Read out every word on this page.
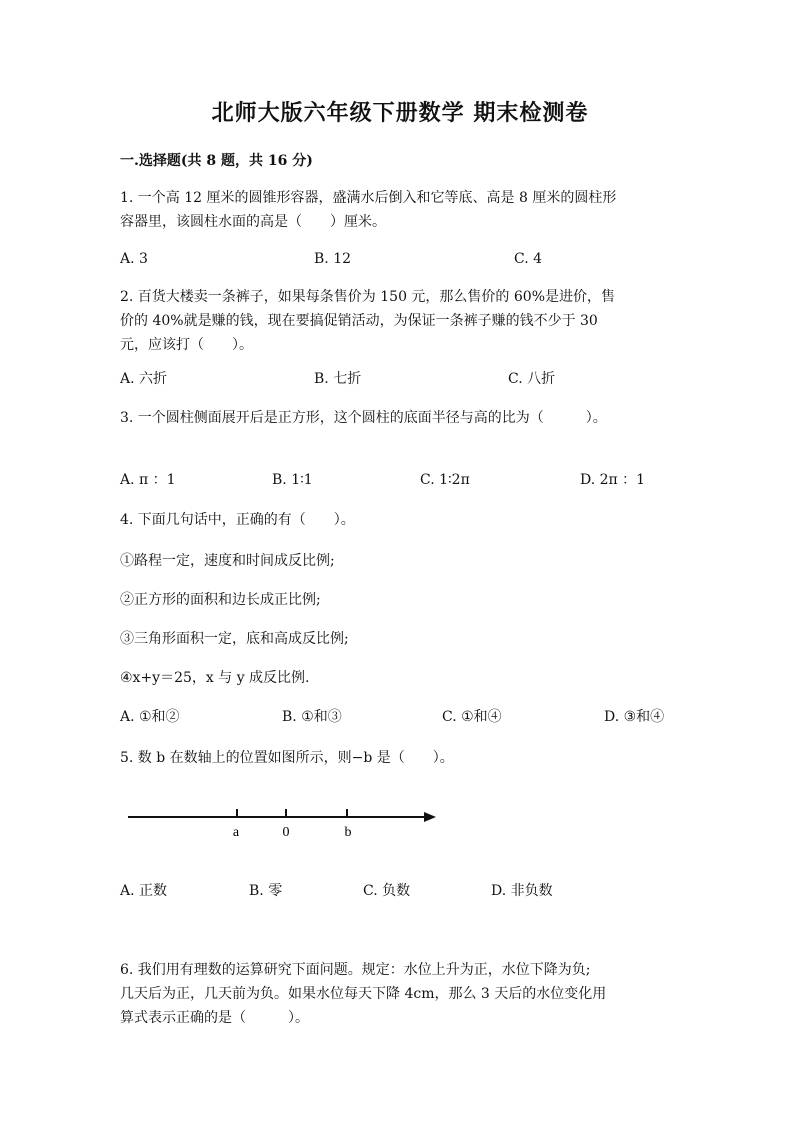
北师大版六年级下册数学 期末检测卷
一.选择题(共 8 题，共 16 分)
1. 一个高 12 厘米的圆锥形容器，盛满水后倒入和它等底、高是 8 厘米的圆柱形
容器里，该圆柱水面的高是（　　）厘米。
A. 3	B. 12	C. 4
2. 百货大楼卖一条裤子，如果每条售价为 150 元，那么售价的 60%是进价，售
价的 40%就是赚的钱，现在要搞促销活动，为保证一条裤子赚的钱不少于 30
元，应该打（　　）。
A. 六折	B. 七折	C. 八折
3. 一个圆柱侧面展开后是正方形，这个圆柱的底面半径与高的比为（　　　）。
A. π ：1	B. 1∶1	C. 1∶2π	D. 2π ：1
4. 下面几句话中，正确的有（　　）。
①路程一定，速度和时间成反比例;
②正方形的面积和边长成正比例;
③三角形面积一定，底和高成反比例;
④x+y＝25，x 与 y 成反比例.
A. ①和②	B. ①和③	C. ①和④	D. ③和④
5. 数 b 在数轴上的位置如图所示，则−b 是（　　）。
a	0	b
A. 正数	B. 零	C. 负数	D. 非负数
6. 我们用有理数的运算研究下面问题。规定：水位上升为正，水位下降为负;
几天后为正，几天前为负。如果水位每天下降 4cm，那么 3 天后的水位变化用
算式表示正确的是（　　　）。
